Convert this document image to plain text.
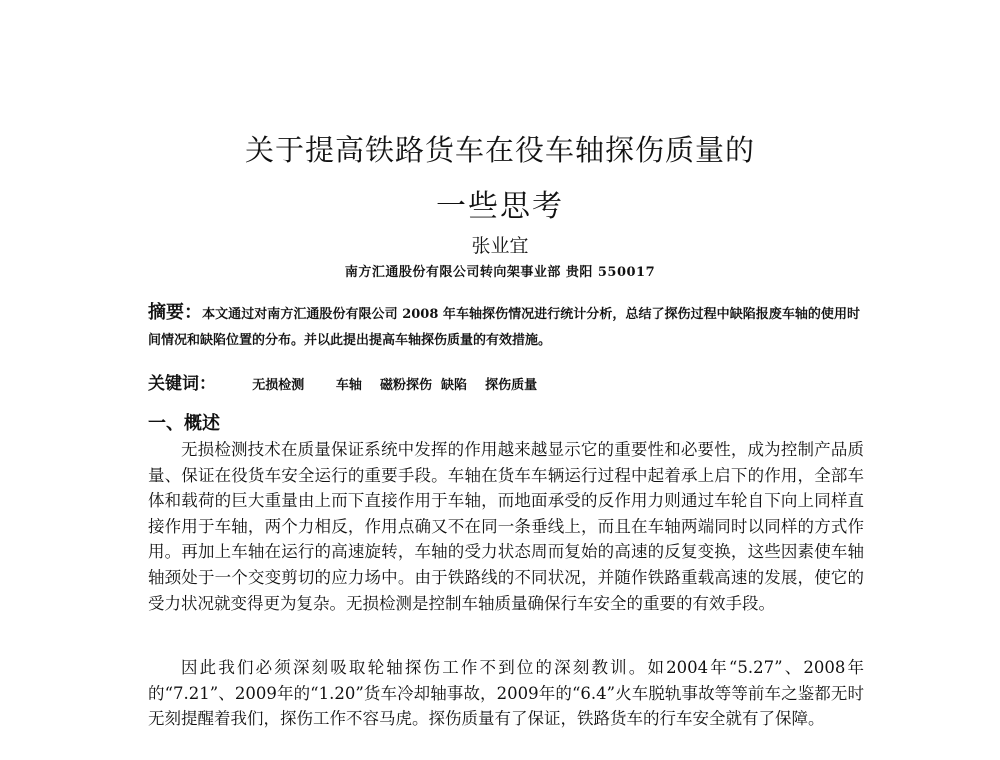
关于提高铁路货车在役车轴探伤质量的
一些思考
张业宜
南方汇通股份有限公司转向架事业部 贵阳 550017
摘要：本文通过对南方汇通股份有限公司 2008 年车轴探伤情况进行统计分析，总结了探伤过程中缺陷报废车轴的使用时间情况和缺陷位置的分布。并以此提出提高车轴探伤质量的有效措施。
关键词：        无损检测       车轴    磁粉探伤  缺陷    探伤质量
一、概述

无损检测技术在质量保证系统中发挥的作用越来越显示它的重要性和必要性，成为控制产品质量、保证在役货车安全运行的重要手段。车轴在货车车辆运行过程中起着承上启下的作用，全部车体和载荷的巨大重量由上而下直接作用于车轴，而地面承受的反作用力则通过车轮自下向上同样直接作用于车轴，两个力相反，作用点确又不在同一条垂线上，而且在车轴两端同时以同样的方式作用。再加上车轴在运行的高速旋转，车轴的受力状态周而复始的高速的反复变换，这些因素使车轴轴颈处于一个交变剪切的应力场中。由于铁路线的不同状况，并随作铁路重载高速的发展，使它的受力状况就变得更为复杂。无损检测是控制车轴质量确保行车安全的重要的有效手段。

因此我们必须深刻吸取轮轴探伤工作不到位的深刻教训。如2004年“5.27”、2008年的“7.21”、2009年的“1.20”货车冷却轴事故，2009年的“6.4”火车脱轨事故等等前车之鉴都无时无刻提醒着我们，探伤工作不容马虎。探伤质量有了保证，铁路货车的行车安全就有了保障。
